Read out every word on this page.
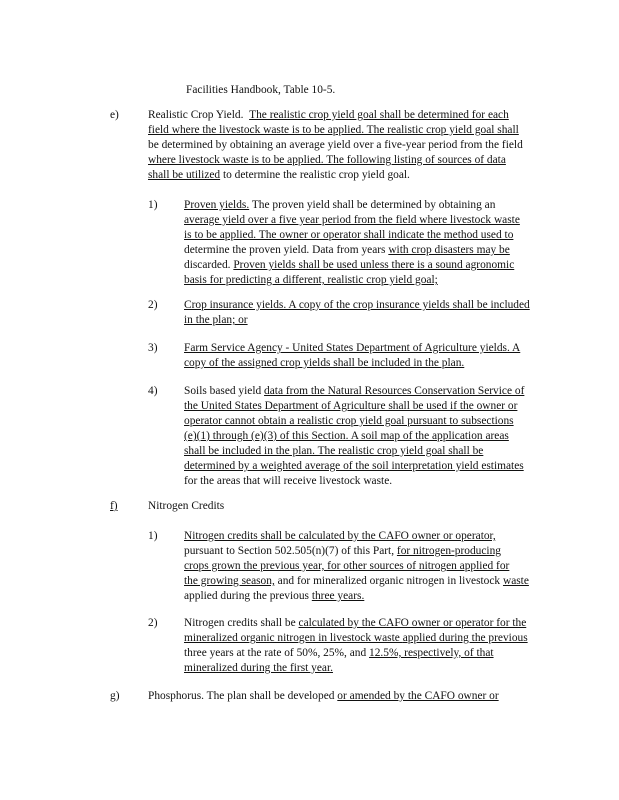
Facilities Handbook, Table 10-5.
e)	Realistic Crop Yield. The realistic crop yield goal shall be determined for each
field where the livestock waste is to be applied. The realistic crop yield goal shall
be determined by obtaining an average yield over a five-year period from the field
where livestock waste is to be applied. The following listing of sources of data
shall be utilized to determine the realistic crop yield goal.
1) Proven yields. The proven yield shall be determined by obtaining an
average yield over a five year period from the field where livestock waste
is to be applied. The owner or operator shall indicate the method used to
determine the proven yield. Data from years with crop disasters may be
discarded. Proven yields shall be used unless there is a sound agronomic
basis for predicting a different, realistic crop yield goal;
2) Crop insurance yields. A copy of the crop insurance yields shall be included
in the plan; or
3) Farm Service Agency - United States Department of Agriculture yields. A
copy of the assigned crop yields shall be included in the plan.
4) Soils based yield data from the Natural Resources Conservation Service of
the United States Department of Agriculture shall be used if the owner or
operator cannot obtain a realistic crop yield goal pursuant to subsections
(e)(1) through (e)(3) of this Section. A soil map of the application areas
shall be included in the plan. The realistic crop yield goal shall be
determined by a weighted average of the soil interpretation yield estimates
for the areas that will receive livestock waste.
f)	Nitrogen Credits
1) Nitrogen credits shall be calculated by the CAFO owner or operator,
pursuant to Section 502.505(n)(7) of this Part, for nitrogen-producing
crops grown the previous year, for other sources of nitrogen applied for
the growing season, and for mineralized organic nitrogen in livestock waste
applied during the previous three years.
2) Nitrogen credits shall be calculated by the CAFO owner or operator for the
mineralized organic nitrogen in livestock waste applied during the previous
three years at the rate of 50%, 25%, and 12.5%, respectively, of that
mineralized during the first year.
g)	Phosphorus. The plan shall be developed or amended by the CAFO owner or
